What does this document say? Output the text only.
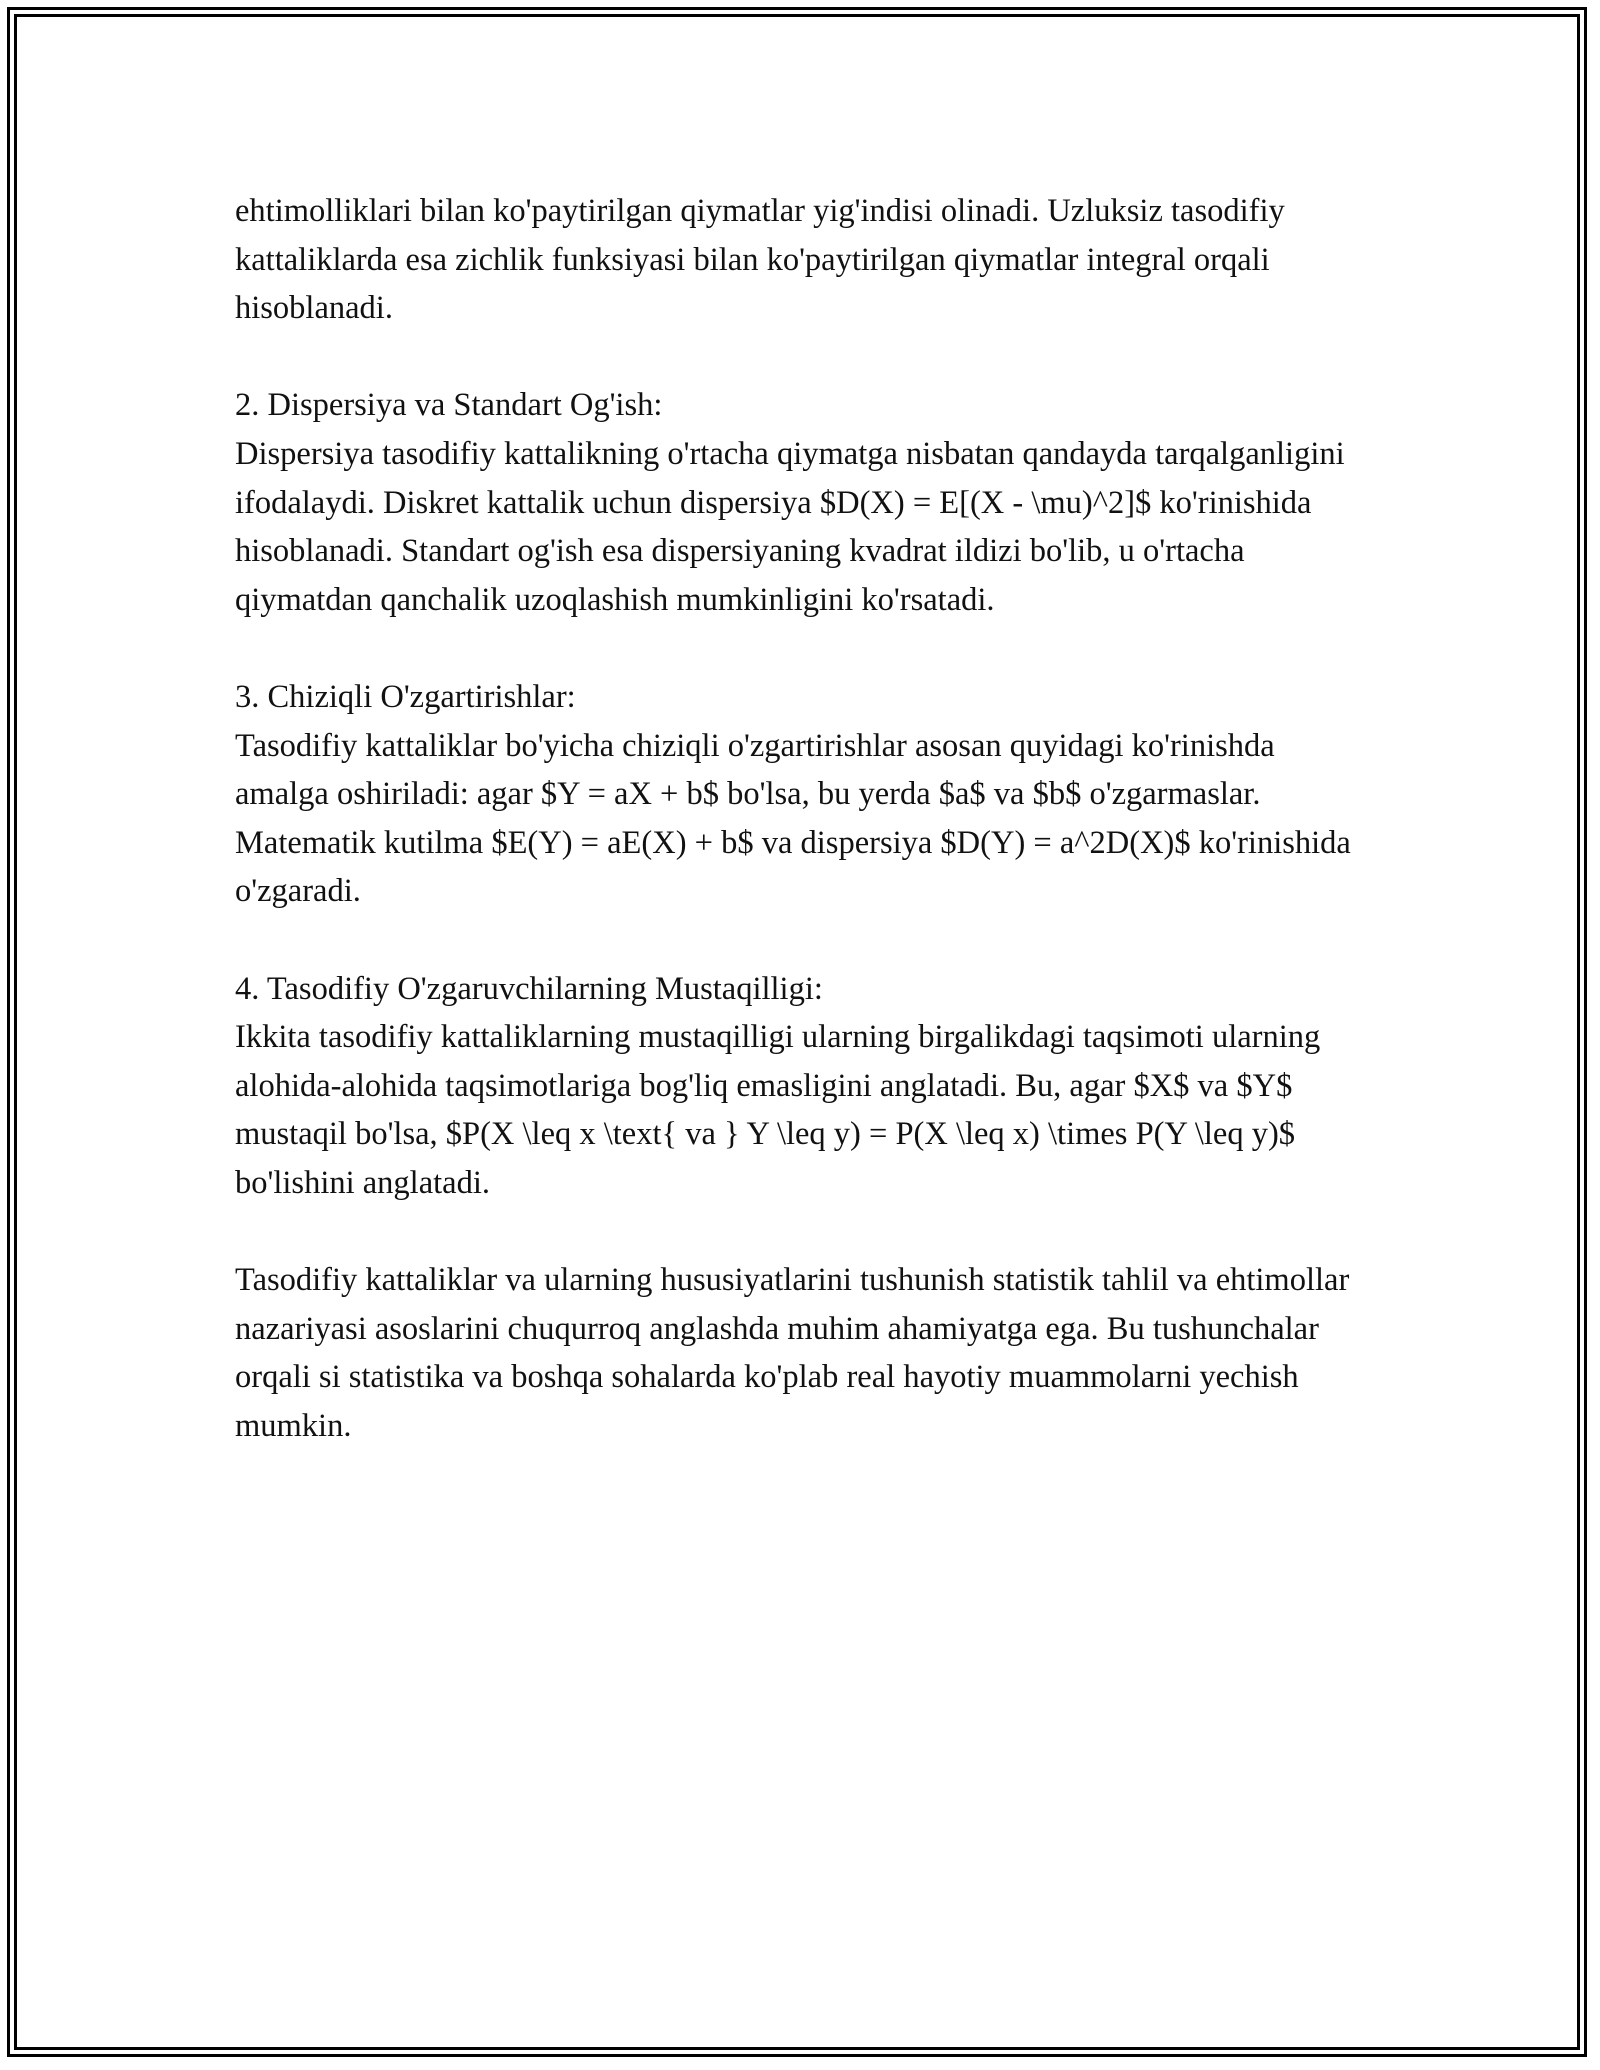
ehtimolliklari bilan ko'paytirilgan qiymatlar yig'indisi olinadi. Uzluksiz tasodifiy kattaliklarda esa zichlik funksiyasi bilan ko'paytirilgan qiymatlar integral orqali hisoblanadi.

2. Dispersiya va Standart Og'ish:

Dispersiya tasodifiy kattalikning o'rtacha qiymatga nisbatan qandayda tarqalganligini ifodalaydi. Diskret kattalik uchun dispersiya $D(X) = E[(X - \mu)^2]$ ko'rinishida hisoblanadi. Standart og'ish esa dispersiyaning kvadrat ildizi bo'lib, u o'rtacha qiymatdan qanchalik uzoqlashish mumkinligini ko'rsatadi.

3. Chiziqli O'zgartirishlar:

Tasodifiy kattaliklar bo'yicha chiziqli o'zgartirishlar asosan quyidagi ko'rinishda amalga oshiriladi: agar $Y = aX + b$ bo'lsa, bu yerda $a$ va $b$ o'zgarmaslar. Matematik kutilma $E(Y) = aE(X) + b$ va dispersiya $D(Y) = a^2D(X)$ ko'rinishida o'zgaradi.

4. Tasodifiy O'zgaruvchilarning Mustaqilligi:

Ikkita tasodifiy kattaliklarning mustaqilligi ularning birgalikdagi taqsimoti ularning alohida-alohida taqsimotlariga bog'liq emasligini anglatadi. Bu, agar $X$ va $Y$ mustaqil bo'lsa, $P(X \leq x \text{ va } Y \leq y) = P(X \leq x) \times P(Y \leq y)$ bo'lishini anglatadi.

Tasodifiy kattaliklar va ularning hususiyatlarini tushunish statistik tahlil va ehtimollar nazariyasi asoslarini chuqurroq anglashda muhim ahamiyatga ega. Bu tushunchalar orqali si statistika va boshqa sohalarda ko'plab real hayotiy muammolarni yechish mumkin.
